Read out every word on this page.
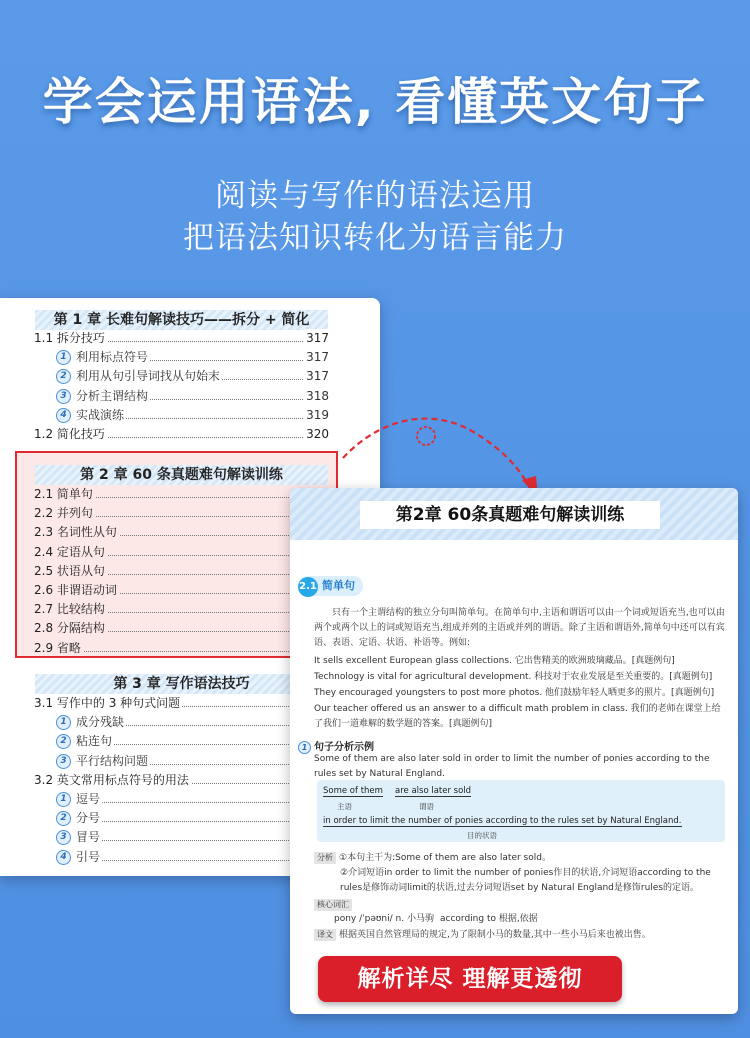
学会运用语法, 看懂英文句子
阅读与写作的语法运用
把语法知识转化为语言能力
第 1 章 长难句解读技巧——拆分 + 简化
1.1 拆分技巧	317
1 利用标点符号	317
2 利用从句引导词找从句始末	317
3 分析主谓结构	318
4 实战演练	319
1.2 简化技巧	320
第 2 章 60 条真题难句解读训练
2.1 简单句
2.2 并列句
2.3 名词性从句
2.4 定语从句
2.5 状语从句
2.6 非谓语动词
2.7 比较结构
2.8 分隔结构
2.9 省略
第 3 章 写作语法技巧
3.1 写作中的 3 种句式问题
1 成分残缺
2 粘连句
3 平行结构问题
3.2 英文常用标点符号的用法
1 逗号
2 分号
3 冒号
4 引号
第2章 60条真题难句解读训练
2.1 简单句
只有一个主谓结构的独立分句叫简单句。在简单句中,主语和谓语可以由一个词或短语充当,也可以由两个或两个以上的词或短语充当,组成并列的主语或并列的谓语。除了主语和谓语外,简单句中还可以有宾语、表语、定语、状语、补语等。例如:
It sells excellent European glass collections. 它出售精美的欧洲玻璃藏品。[真题例句]
Technology is vital for agricultural development. 科技对于农业发展是至关重要的。[真题例句]
They encouraged youngsters to post more photos. 他们鼓励年轻人晒更多的照片。[真题例句]
Our teacher offered us an answer to a difficult math problem in class. 我们的老师在课堂上给了我们一道难解的数学题的答案。[真题例句]
1 句子分析示例
Some of them are also later sold in order to limit the number of ponies according to the rules set by Natural England.
Some of them
主语
are also later sold
谓语
in order to limit the number of ponies according to the rules set by Natural England.
目的状语
分析 ①本句主干为:Some of them are also later sold。
②介词短语in order to limit the number of ponies作目的状语,介词短语according to the rules是修饰动词limit的状语,过去分词短语set by Natural England是修饰rules的定语。
核心词汇
pony /ˈpəʊni/ n. 小马驹 according to 根据,依据
译文 根据英国自然管理局的规定,为了限制小马的数量,其中一些小马后来也被出售。
解析详尽 理解更透彻
